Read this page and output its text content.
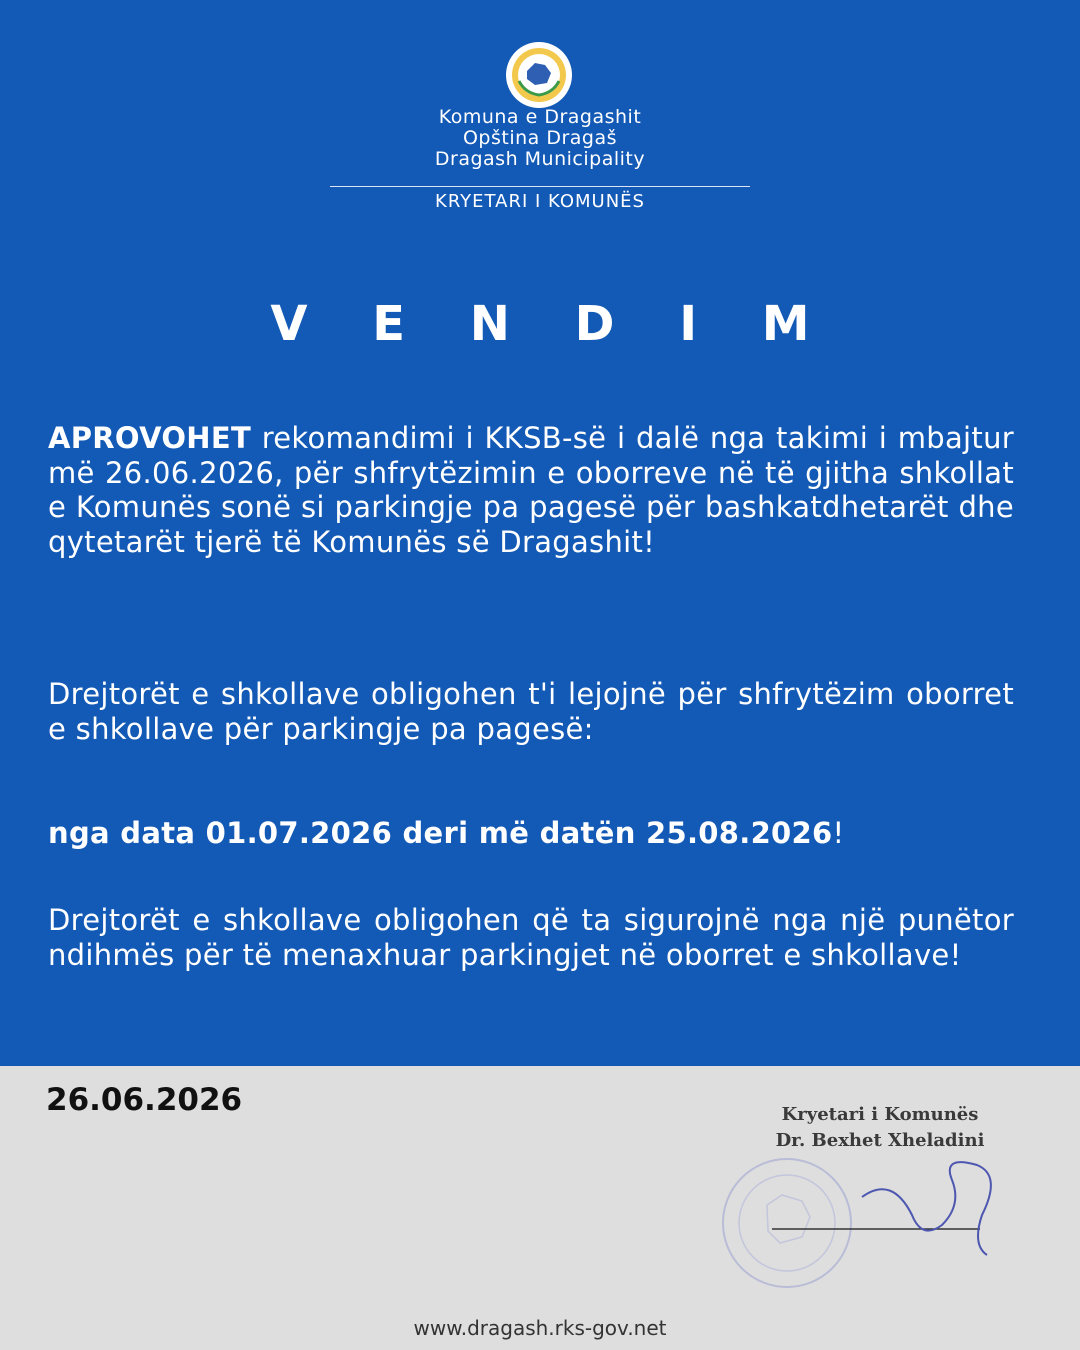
Komuna e Dragashit
Opština Dragaš
Dragash Municipality
KRYETARI I KOMUNËS
V E N D I M
APROVOHET rekomandimi i KKSB-së i dalë nga takimi i mbajtur më 26.06.2026, për shfrytëzimin e oborreve në të gjitha shkollat e Komunës sonë si parkingje pa pagesë për bashkatdhetarët dhe qytetarët tjerë të Komunës së Dragashit!
Drejtorët e shkollave obligohen t'i lejojnë për shfrytëzim oborret e shkollave për parkingje pa pagesë:
nga data 01.07.2026 deri më datën 25.08.2026!
Drejtorët e shkollave obligohen që ta sigurojnë nga një punëtor ndihmës për të menaxhuar parkingjet në oborret e shkollave!
26.06.2026	Kryetari i Komunës
Dr. Bexhet Xheladini
www.dragash.rks-gov.net
